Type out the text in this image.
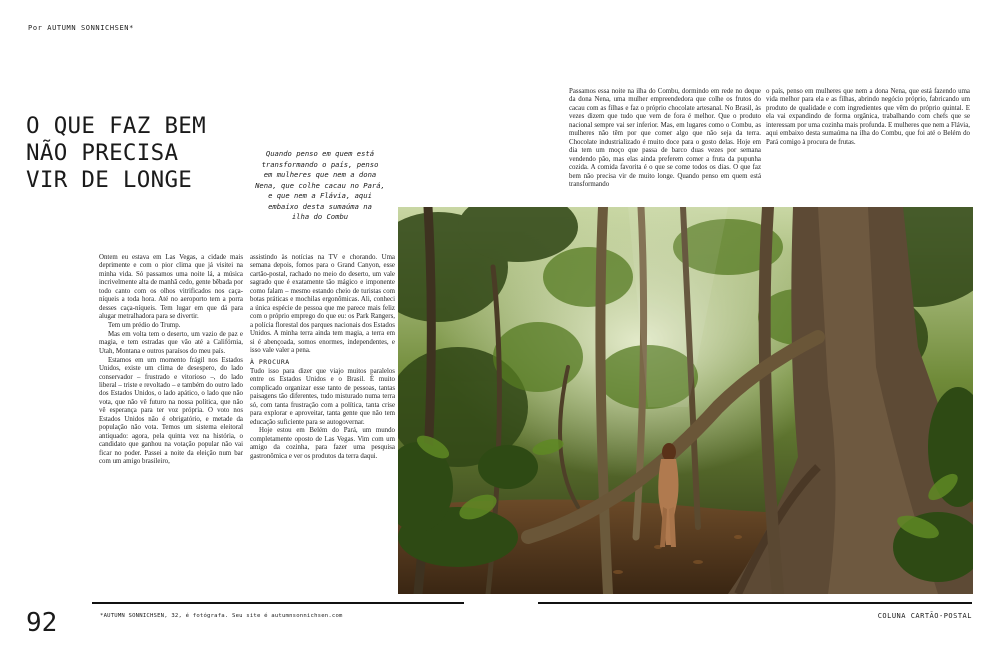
Por AUTUMN SONNICHSEN*
O QUE FAZ BEM
NÃO PRECISA
VIR DE LONGE
Quando penso em quem está
transformando o país, penso
em mulheres que nem a dona
Nena, que colhe cacau no Pará,
e que nem a Flávia, aqui
embaixo desta sumaúma na
ilha do Combu

Ontem eu estava em Las Vegas, a cidade mais deprimente e com o pior clima que já visitei na minha vida. Só passamos uma noite lá, a música incrivelmente alta de manhã cedo, gente bêbada por todo canto com os olhos vitrificados nos caça-níqueis a toda hora. Até no aeroporto tem a porra desses caça-níqueis. Tem lugar em que dá para alugar metralhadora para se divertir.

Tem um prédio do Trump.

Mas em volta tem o deserto, um vazio de paz e magia, e tem estradas que vão até a Califórnia, Utah, Montana e outros paraísos do meu país.

Estamos em um momento frágil nos Estados Unidos, existe um clima de desespero, do lado conservador – frustrado e vitorioso –, do lado liberal – triste e revoltado – e também do outro lado dos Estados Unidos, o lado apático, o lado que não vota, que não vê futuro na nossa política, que não vê esperança para ter voz própria. O voto nos Estados Unidos não é obrigatório, e metade da população não vota. Temos um sistema eleitoral antiquado: agora, pela quinta vez na história, o candidato que ganhou na votação popular não vai ficar no poder. Passei a noite da eleição num bar com um amigo brasileiro,

assistindo às notícias na TV e chorando. Uma semana depois, fomos para o Grand Canyon, esse cartão-postal, rachado no meio do deserto, um vale sagrado que é exatamente tão mágico e imponente como falam – mesmo estando cheio de turistas com botas práticas e mochilas ergonômicas. Ali, conheci a única espécie de pessoa que me parece mais feliz com o próprio emprego do que eu: os Park Rangers, a polícia florestal dos parques nacionais dos Estados Unidos. A minha terra ainda tem magia, a terra em si é abençoada, somos enormes, independentes, e isso vale valer a pena.

À PROCURA

Tudo isso para dizer que viajo muitos paralelos entre os Estados Unidos e o Brasil. É muito complicado organizar esse tanto de pessoas, tantas paisagens tão diferentes, tudo misturado numa terra só, com tanta frustração com a política, tanta crise para explorar e aproveitar, tanta gente que não tem educação suficiente para se autogovernar.

Hoje estou em Belém do Pará, um mundo completamente oposto de Las Vegas. Vim com um amigo da cozinha, para fazer uma pesquisa gastronômica e ver os produtos da terra daqui.

Passamos essa noite na ilha do Combu, dormindo em rede no deque da dona Nena, uma mulher empreendedora que colhe os frutos do cacau com as filhas e faz o próprio chocolate artesanal. No Brasil, às vezes dizem que tudo que vem de fora é melhor. Que o produto nacional sempre vai ser inferior. Mas, em lugares como o Combu, as mulheres não têm por que comer algo que não seja da terra. Chocolate industrializado é muito doce para o gosto delas. Hoje em dia tem um moço que passa de barco duas vezes por semana vendendo pão, mas elas ainda preferem comer a fruta da pupunha cozida. A comida favorita é o que se come todos os dias. O que faz bem não precisa vir de muito longe. Quando penso em quem está transformando

o país, penso em mulheres que nem a dona Nena, que está fazendo uma vida melhor para ela e as filhas, abrindo negócio próprio, fabricando um produto de qualidade e com ingredientes que vêm do próprio quintal. E ela vai expandindo de forma orgânica, trabalhando com chefs que se interessam por uma cozinha mais profunda. E mulheres que nem a Flávia, aqui embaixo desta sumaúma na ilha do Combu, que foi até o Belém do Pará comigo à procura de frutas.

92	*AUTUMN SONNICHSEN, 32, é fotógrafa. Seu site é autumnsonnichsen.com	COLUNA CARTÃO-POSTAL
